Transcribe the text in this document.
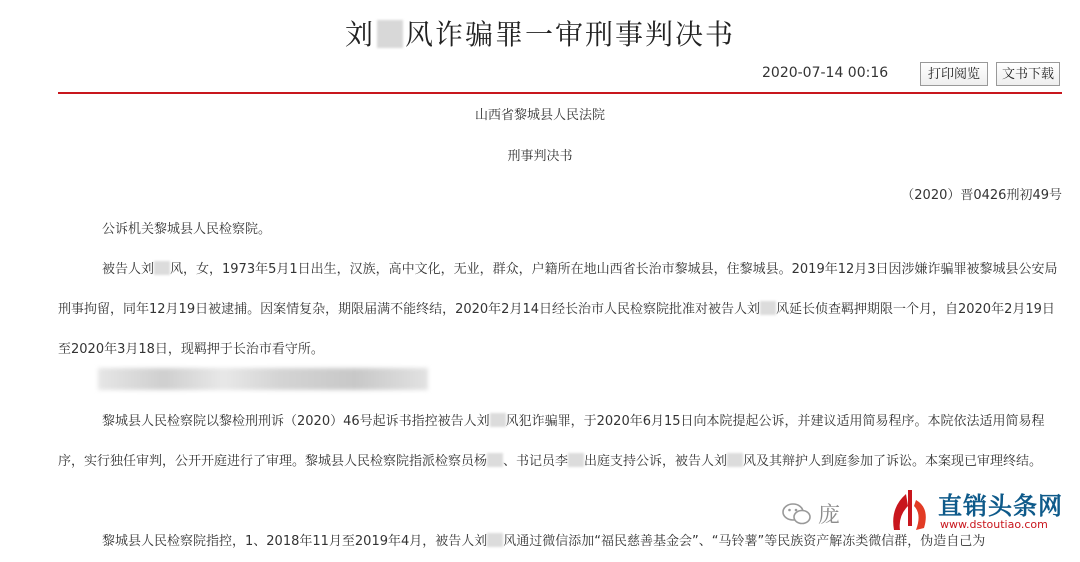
刘 风诈骗罪一审刑事判决书
2020-07-14 00:16	打印阅览	文书下载
山西省黎城县人民法院
刑事判决书
（2020）晋0426刑初49号
公诉机关黎城县人民检察院。
被告人刘 风，女，1973年5月1日出生，汉族，高中文化，无业，群众，户籍所在地山西省长治市黎城县，住黎城县。2019年12月3日因涉嫌诈骗罪被黎城县公安局刑事拘留，同年12月19日被逮捕。因案情复杂，期限届满不能终结，2020年2月14日经长治市人民检察院批准对被告人刘 风延长侦查羁押期限一个月，自2020年2月19日至2020年3月18日，现羁押于长治市看守所。
黎城县人民检察院以黎检刑刑诉（2020）46号起诉书指控被告人刘 风犯诈骗罪，于2020年6月15日向本院提起公诉，并建议适用简易程序。本院依法适用简易程序，实行独任审判，公开开庭进行了审理。黎城县人民检察院指派检察员杨 、书记员李 出庭支持公诉，被告人刘 风及其辩护人到庭参加了诉讼。本案现已审理终结。
黎城县人民检察院指控，1、2018年11月至2019年4月，被告人刘 风通过微信添加“福民慈善基金会”、“马铃薯”等民族资产解冻类微信群，伪造自己为
庞	直销头条网
www.dstoutiao.com
